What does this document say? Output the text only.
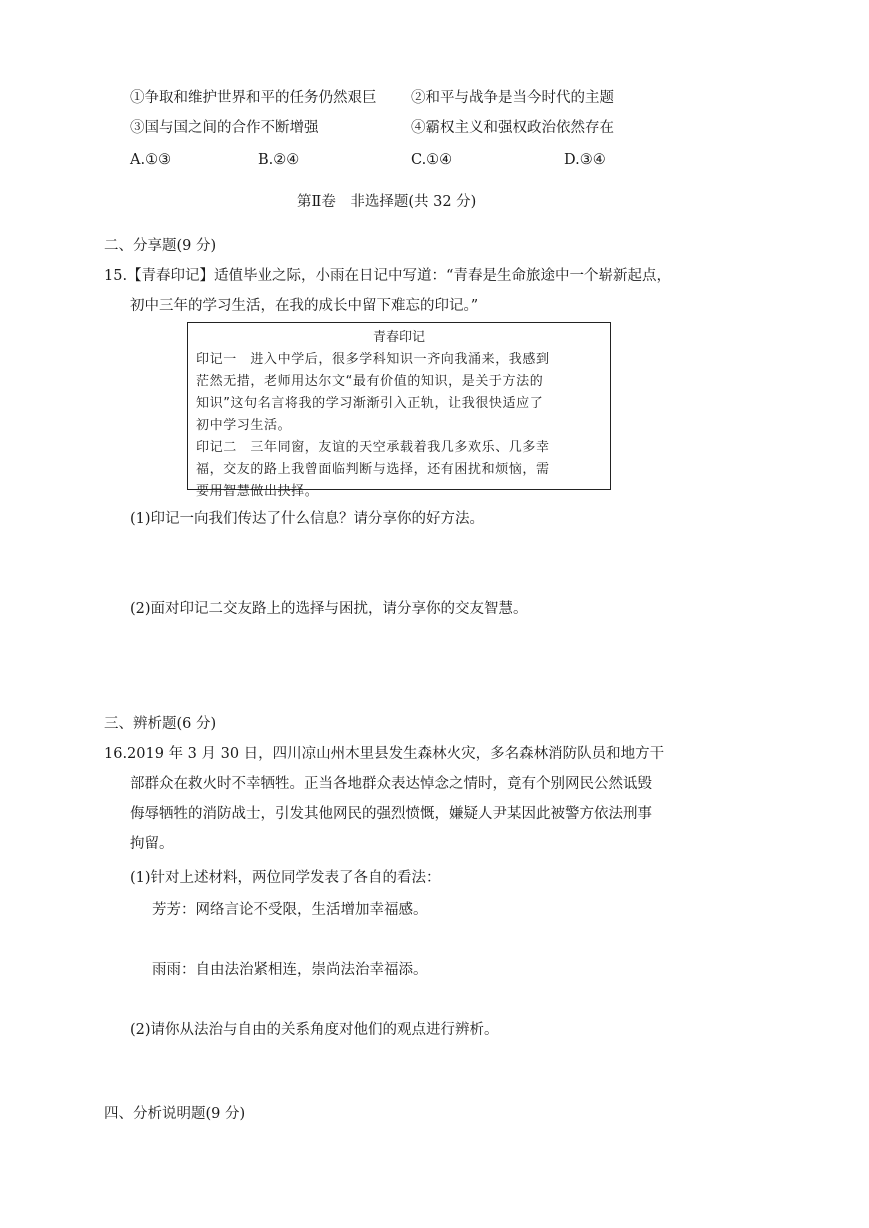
①争取和维护世界和平的任务仍然艰巨 ②和平与战争是当今时代的主题
③国与国之间的合作不断增强	④霸权主义和强权政治依然存在
A.①③	B.②④	C.①④	D.③④
第Ⅱ卷　非选择题(共 32 分)
二、分享题(9 分)
15.【青春印记】适值毕业之际，小雨在日记中写道：“青春是生命旅途中一个崭新起点，
初中三年的学习生活，在我的成长中留下难忘的印记。”
青春印记
印记一　进入中学后，很多学科知识一齐向我涌来，我感到
茫然无措，老师用达尔文“最有价值的知识，是关于方法的
知识”这句名言将我的学习渐渐引入正轨，让我很快适应了
初中学习生活。
印记二　三年同窗，友谊的天空承载着我几多欢乐、几多幸
福，交友的路上我曾面临判断与选择，还有困扰和烦恼，需
要用智慧做出抉择。
(1)印记一向我们传达了什么信息？请分享你的好方法。
(2)面对印记二交友路上的选择与困扰，请分享你的交友智慧。
三、辨析题(6 分)
16.2019 年 3 月 30 日，四川凉山州木里县发生森林火灾，多名森林消防队员和地方干
部群众在救火时不幸牺牲。正当各地群众表达悼念之情时，竟有个别网民公然诋毁
侮辱牺牲的消防战士，引发其他网民的强烈愤慨，嫌疑人尹某因此被警方依法刑事
拘留。
(1)针对上述材料，两位同学发表了各自的看法：
芳芳：网络言论不受限，生活增加幸福感。
雨雨：自由法治紧相连，崇尚法治幸福添。
(2)请你从法治与自由的关系角度对他们的观点进行辨析。
四、分析说明题(9 分)
